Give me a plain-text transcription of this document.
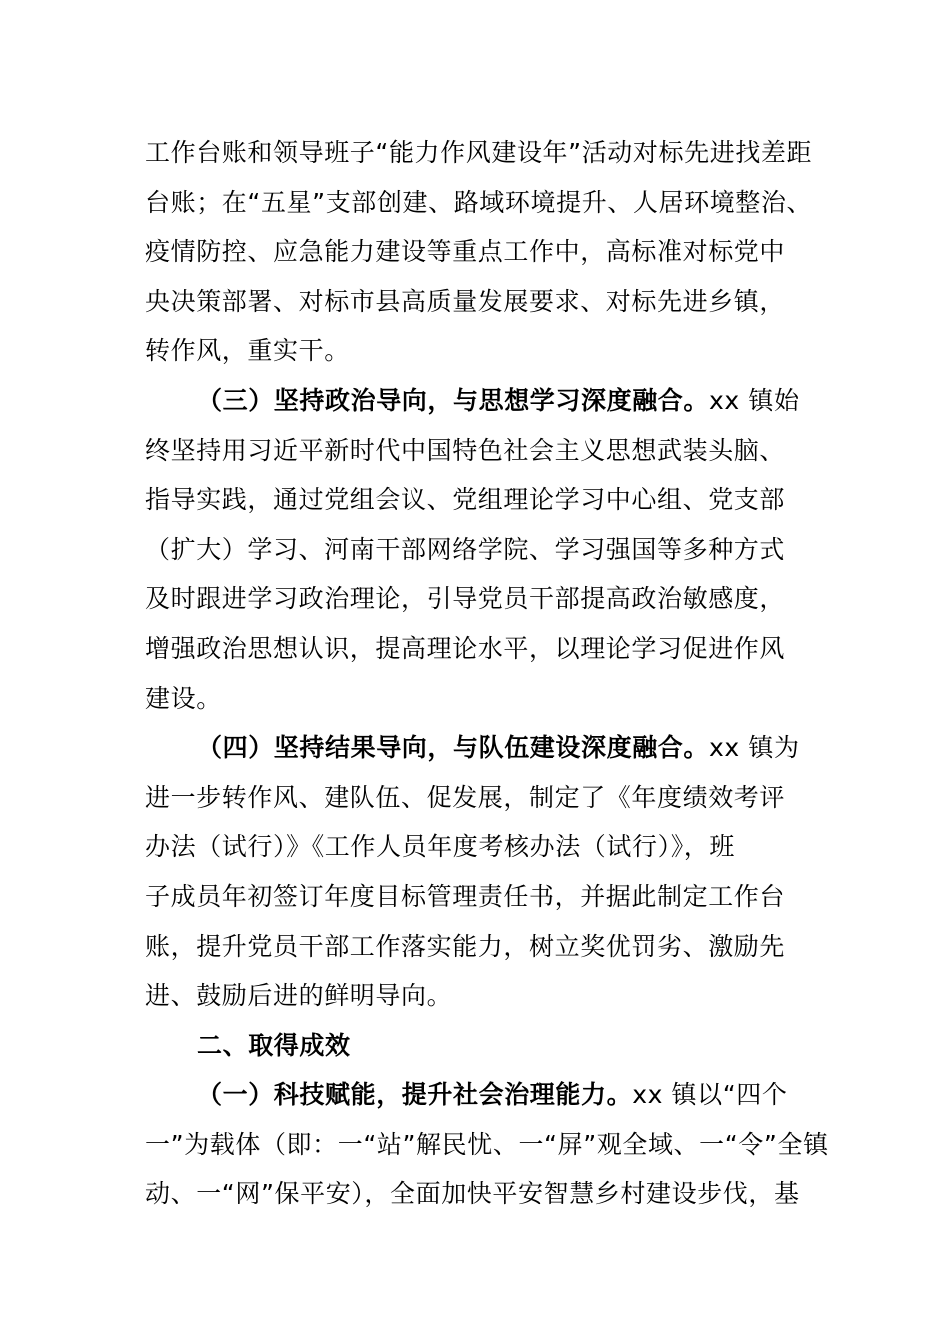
工作台账和领导班子“能力作风建设年”活动对标先进找差距
台账；在“五星”支部创建、路域环境提升、人居环境整治、
疫情防控、应急能力建设等重点工作中，高标准对标党中
央决策部署、对标市县高质量发展要求、对标先进乡镇，
转作风，重实干。
（三）坚持政治导向，与思想学习深度融合。xx 镇始
终坚持用习近平新时代中国特色社会主义思想武装头脑、
指导实践，通过党组会议、党组理论学习中心组、党支部
（扩大）学习、河南干部网络学院、学习强国等多种方式
及时跟进学习政治理论，引导党员干部提高政治敏感度，
增强政治思想认识，提高理论水平，以理论学习促进作风
建设。
（四）坚持结果导向，与队伍建设深度融合。xx 镇为
进一步转作风、建队伍、促发展，制定了《年度绩效考评
办法（试行）》《工作人员年度考核办法（试行）》，班
子成员年初签订年度目标管理责任书，并据此制定工作台
账，提升党员干部工作落实能力，树立奖优罚劣、激励先
进、鼓励后进的鲜明导向。
二、取得成效
（一）科技赋能，提升社会治理能力。xx 镇以“四个
一”为载体（即：一“站”解民忧、一“屏”观全域、一“令”全镇
动、一“网”保平安），全面加快平安智慧乡村建设步伐，基
